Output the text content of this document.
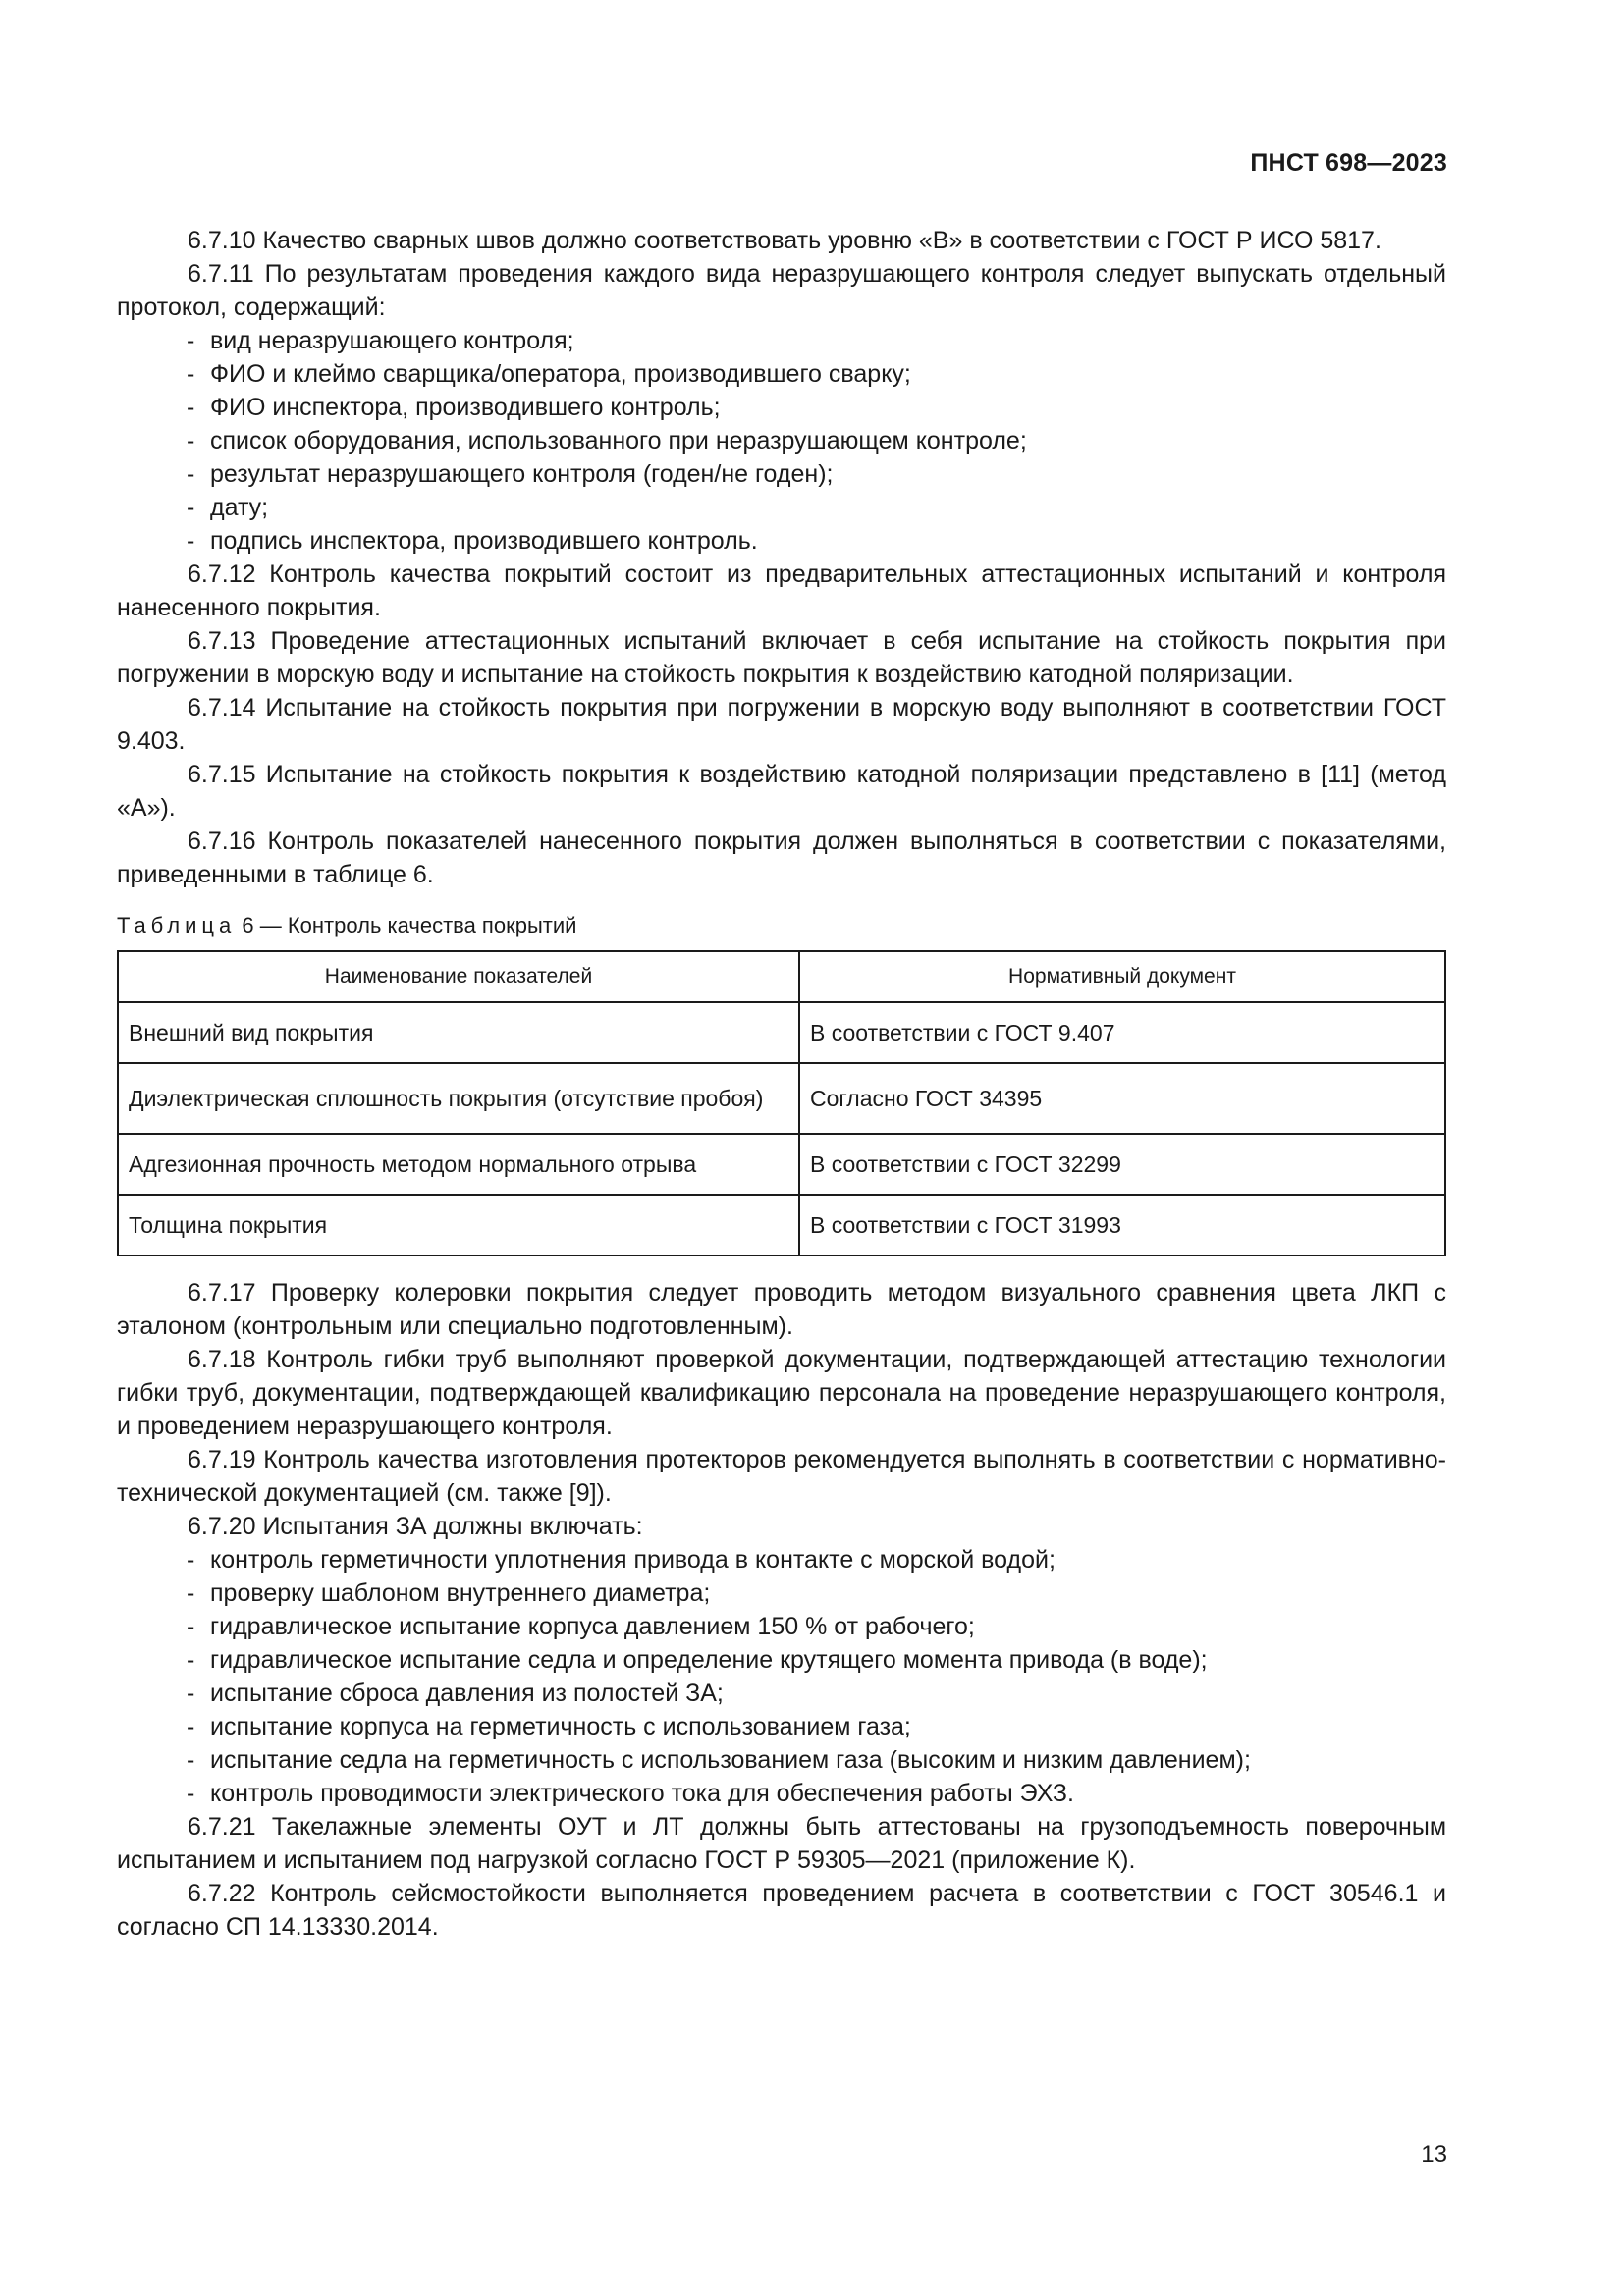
ПНСТ 698—2023

6.7.10 Качество сварных швов должно соответствовать уровню «B» в соответствии с ГОСТ Р ИСО 5817.

6.7.11 По результатам проведения каждого вида неразрушающего контроля следует выпускать отдельный протокол, содержащий:

- вид неразрушающего контроля;
- ФИО и клеймо сварщика/оператора, производившего сварку;
- ФИО инспектора, производившего контроль;
- список оборудования, использованного при неразрушающем контроле;
- результат неразрушающего контроля (годен/не годен);
- дату;
- подпись инспектора, производившего контроль.

6.7.12 Контроль качества покрытий состоит из предварительных аттестационных испытаний и контроля нанесенного покрытия.

6.7.13 Проведение аттестационных испытаний включает в себя испытание на стойкость покрытия при погружении в морскую воду и испытание на стойкость покрытия к воздействию катодной поляризации.

6.7.14 Испытание на стойкость покрытия при погружении в морскую воду выполняют в соответствии ГОСТ 9.403.

6.7.15 Испытание на стойкость покрытия к воздействию катодной поляризации представлено в [11] (метод «А»).

6.7.16 Контроль показателей нанесенного покрытия должен выполняться в соответствии с показателями, приведенными в таблице 6.

Таблица 6 — Контроль качества покрытий
Наименование показателей	Нормативный документ
Внешний вид покрытия	В соответствии с ГОСТ 9.407
Диэлектрическая сплошность покрытия (отсутствие пробоя)	Согласно ГОСТ 34395
Адгезионная прочность методом нормального отрыва	В соответствии с ГОСТ 32299
Толщина покрытия	В соответствии с ГОСТ 31993

6.7.17 Проверку колеровки покрытия следует проводить методом визуального сравнения цвета ЛКП с эталоном (контрольным или специально подготовленным).

6.7.18 Контроль гибки труб выполняют проверкой документации, подтверждающей аттестацию технологии гибки труб, документации, подтверждающей квалификацию персонала на проведение неразрушающего контроля, и проведением неразрушающего контроля.

6.7.19 Контроль качества изготовления протекторов рекомендуется выполнять в соответствии с нормативно-технической документацией (см. также [9]).

6.7.20 Испытания ЗА должны включать:

- контроль герметичности уплотнения привода в контакте с морской водой;
- проверку шаблоном внутреннего диаметра;
- гидравлическое испытание корпуса давлением 150 % от рабочего;
- гидравлическое испытание седла и определение крутящего момента привода (в воде);
- испытание сброса давления из полостей ЗА;
- испытание корпуса на герметичность с использованием газа;
- испытание седла на герметичность с использованием газа (высоким и низким давлением);
- контроль проводимости электрического тока для обеспечения работы ЭХЗ.

6.7.21 Такелажные элементы ОУТ и ЛТ должны быть аттестованы на грузоподъемность поверочным испытанием и испытанием под нагрузкой согласно ГОСТ Р 59305—2021 (приложение К).

6.7.22 Контроль сейсмостойкости выполняется проведением расчета в соответствии с ГОСТ 30546.1 и согласно СП 14.13330.2014.

13
